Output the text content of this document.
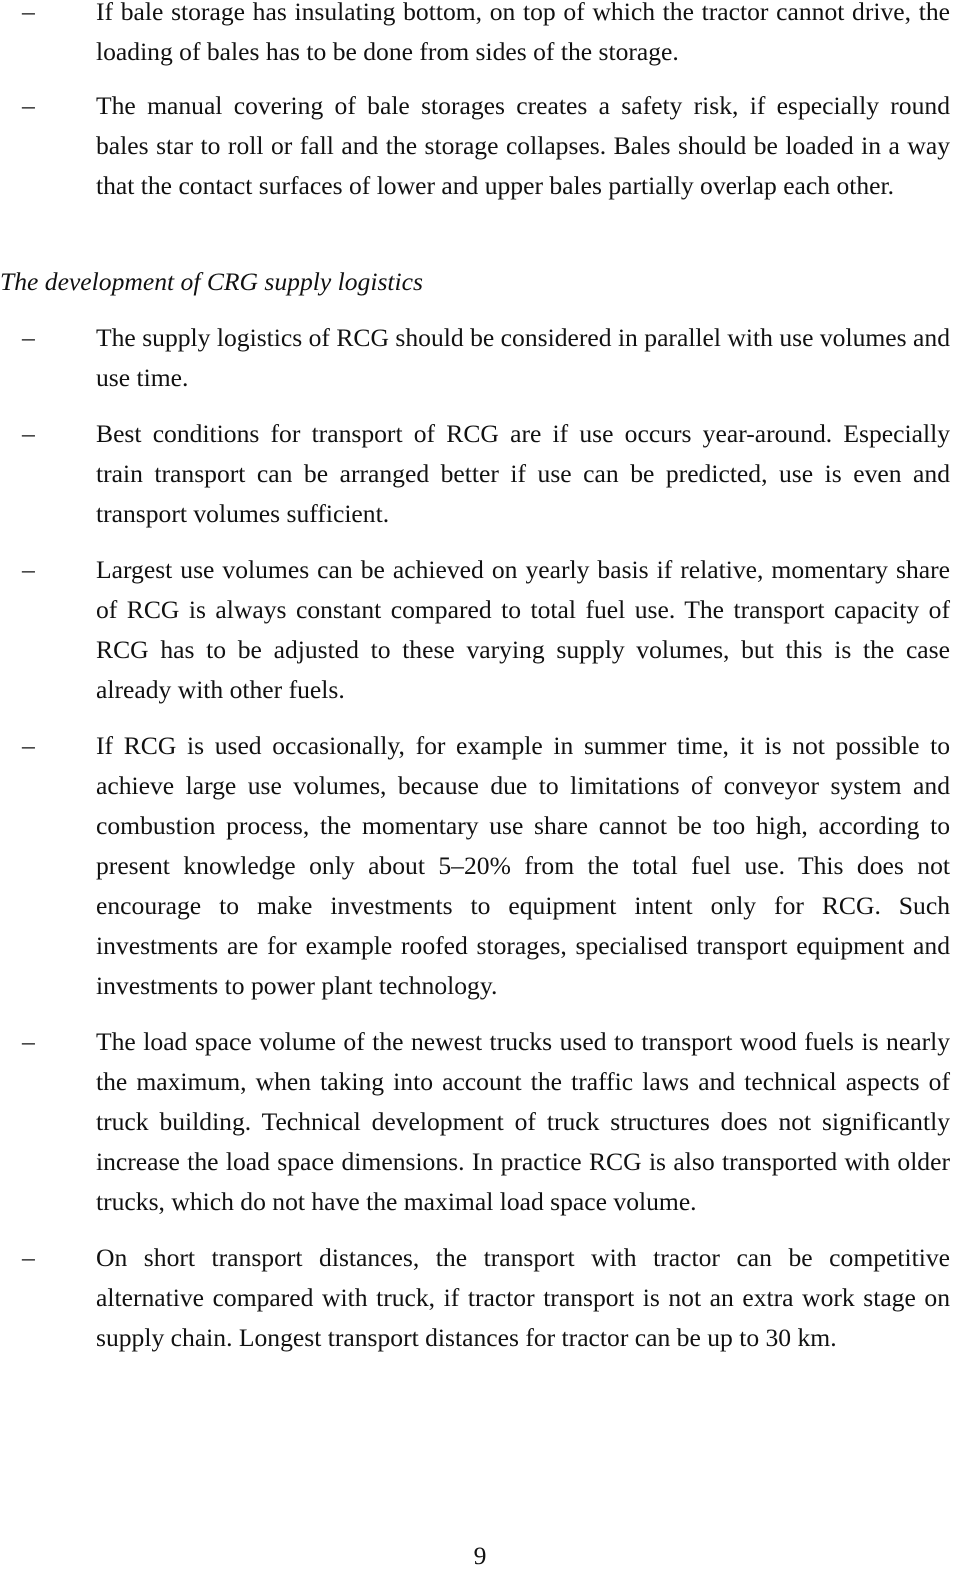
–	If bale storage has insulating bottom, on top of which the tractor cannot drive, the loading of bales has to be done from sides of the storage.
–	The manual covering of bale storages creates a safety risk, if especially round bales star to roll or fall and the storage collapses. Bales should be loaded in a way that the contact surfaces of lower and upper bales partially overlap each other.
The development of CRG supply logistics
–	The supply logistics of RCG should be considered in parallel with use volumes and use time.
–	Best conditions for transport of RCG are if use occurs year-around. Especially train transport can be arranged better if use can be predicted, use is even and transport volumes sufficient.
–	Largest use volumes can be achieved on yearly basis if relative, momentary share of RCG is always constant compared to total fuel use. The transport capacity of RCG has to be adjusted to these varying supply volumes, but this is the case already with other fuels.
–	If RCG is used occasionally, for example in summer time, it is not possible to achieve large use volumes, because due to limitations of conveyor system and combustion process, the momentary use share cannot be too high, according to present knowledge only about 5–20% from the total fuel use. This does not encourage to make investments to equipment intent only for RCG. Such investments are for example roofed storages, specialised transport equipment and investments to power plant technology.
–	The load space volume of the newest trucks used to transport wood fuels is nearly the maximum, when taking into account the traffic laws and technical aspects of truck building. Technical development of truck structures does not significantly increase the load space dimensions. In practice RCG is also transported with older trucks, which do not have the maximal load space volume.
–	On short transport distances, the transport with tractor can be competitive alternative compared with truck, if tractor transport is not an extra work stage on supply chain. Longest transport distances for tractor can be up to 30 km.
9
